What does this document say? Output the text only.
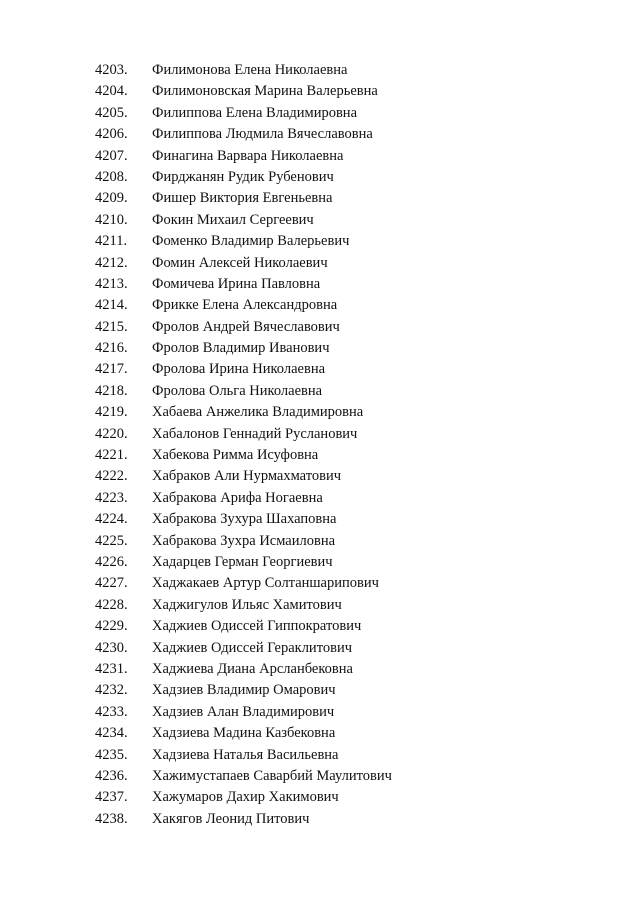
4203. Филимонова Елена Николаевна
4204. Филимоновская Марина Валерьевна
4205. Филиппова Елена Владимировна
4206. Филиппова Людмила Вячеславовна
4207. Финагина Варвара Николаевна
4208. Фирджанян Рудик Рубенович
4209. Фишер Виктория Евгеньевна
4210. Фокин Михаил Сергеевич
4211. Фоменко Владимир Валерьевич
4212. Фомин Алексей Николаевич
4213. Фомичева Ирина Павловна
4214. Фрикке Елена Александровна
4215. Фролов Андрей Вячеславович
4216. Фролов Владимир Иванович
4217. Фролова Ирина Николаевна
4218. Фролова Ольга Николаевна
4219. Хабаева Анжелика Владимировна
4220. Хабалонов Геннадий Русланович
4221. Хабекова Римма Исуфовна
4222. Хабраков Али Нурмахматович
4223. Хабракова Арифа Ногаевна
4224. Хабракова Зухура Шахаповна
4225. Хабракова Зухра Исмаиловна
4226. Хадарцев Герман Георгиевич
4227. Хаджакаев Артур Солтаншарипович
4228. Хаджигулов Ильяс Хамитович
4229. Хаджиев Одиссей Гиппократович
4230. Хаджиев Одиссей Гераклитович
4231. Хаджиева Диана Арсланбековна
4232. Хадзиев Владимир Омарович
4233. Хадзиев Алан Владимирович
4234. Хадзиева Мадина Казбековна
4235. Хадзиева Наталья Васильевна
4236. Хажимустапаев Саварбий Маулитович
4237. Хажумаров Дахир Хакимович
4238. Хакягов Леонид Питович
